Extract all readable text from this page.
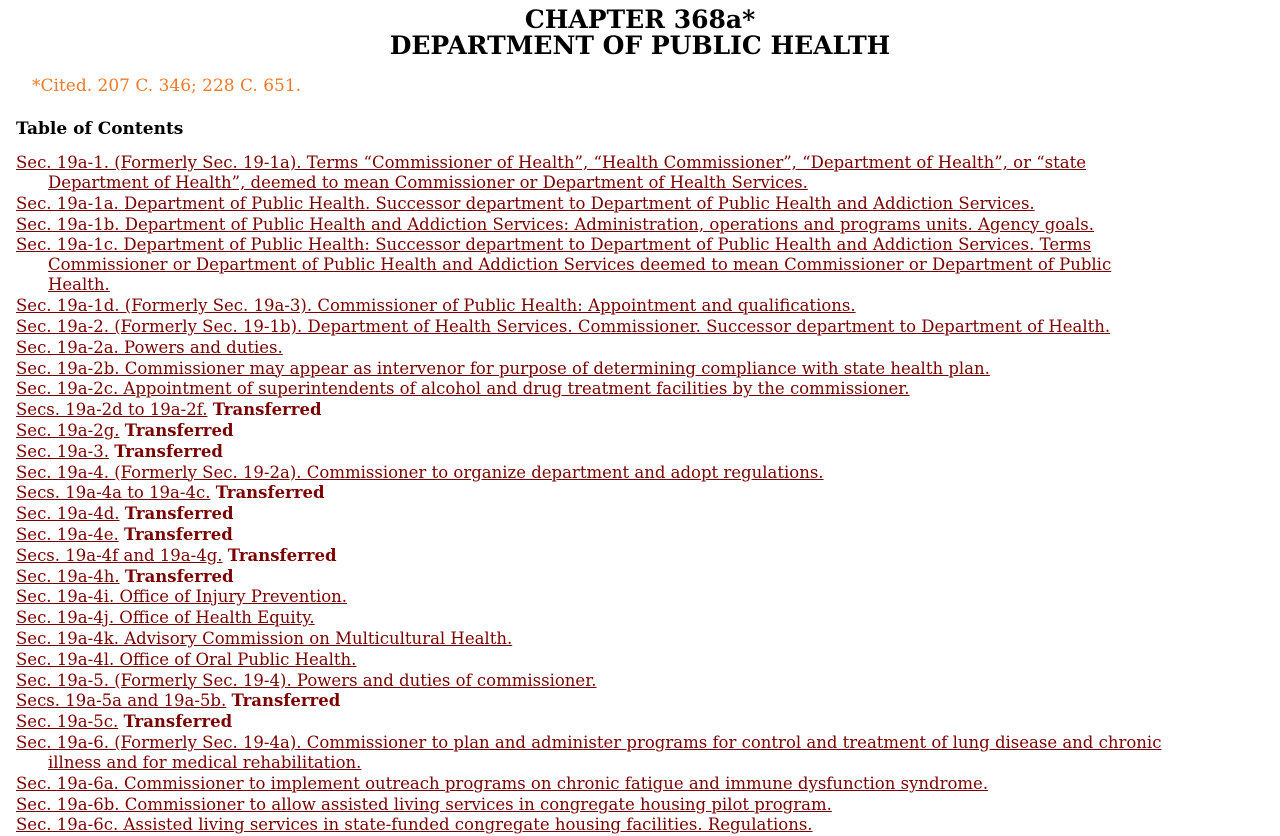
CHAPTER 368a*
DEPARTMENT OF PUBLIC HEALTH

*Cited. 207 C. 346; 228 C. 651.

Table of Contents
Sec. 19a-1. (Formerly Sec. 19-1a). Terms “Commissioner of Health”, “Health Commissioner”, “Department of Health”, or “state Department of Health”, deemed to mean Commissioner or Department of Health Services.
Sec. 19a-1a. Department of Public Health. Successor department to Department of Public Health and Addiction Services.
Sec. 19a-1b. Department of Public Health and Addiction Services: Administration, operations and programs units. Agency goals.
Sec. 19a-1c. Department of Public Health: Successor department to Department of Public Health and Addiction Services. Terms Commissioner or Department of Public Health and Addiction Services deemed to mean Commissioner or Department of Public Health.
Sec. 19a-1d. (Formerly Sec. 19a-3). Commissioner of Public Health: Appointment and qualifications.
Sec. 19a-2. (Formerly Sec. 19-1b). Department of Health Services. Commissioner. Successor department to Department of Health.
Sec. 19a-2a. Powers and duties.
Sec. 19a-2b. Commissioner may appear as intervenor for purpose of determining compliance with state health plan.
Sec. 19a-2c. Appointment of superintendents of alcohol and drug treatment facilities by the commissioner.
Secs. 19a-2d to 19a-2f. Transferred
Sec. 19a-2g. Transferred
Sec. 19a-3. Transferred
Sec. 19a-4. (Formerly Sec. 19-2a). Commissioner to organize department and adopt regulations.
Secs. 19a-4a to 19a-4c. Transferred
Sec. 19a-4d. Transferred
Sec. 19a-4e. Transferred
Secs. 19a-4f and 19a-4g. Transferred
Sec. 19a-4h. Transferred
Sec. 19a-4i. Office of Injury Prevention.
Sec. 19a-4j. Office of Health Equity.
Sec. 19a-4k. Advisory Commission on Multicultural Health.
Sec. 19a-4l. Office of Oral Public Health.
Sec. 19a-5. (Formerly Sec. 19-4). Powers and duties of commissioner.
Secs. 19a-5a and 19a-5b. Transferred
Sec. 19a-5c. Transferred
Sec. 19a-6. (Formerly Sec. 19-4a). Commissioner to plan and administer programs for control and treatment of lung disease and chronic illness and for medical rehabilitation.
Sec. 19a-6a. Commissioner to implement outreach programs on chronic fatigue and immune dysfunction syndrome.
Sec. 19a-6b. Commissioner to allow assisted living services in congregate housing pilot program.
Sec. 19a-6c. Assisted living services in state-funded congregate housing facilities. Regulations.
